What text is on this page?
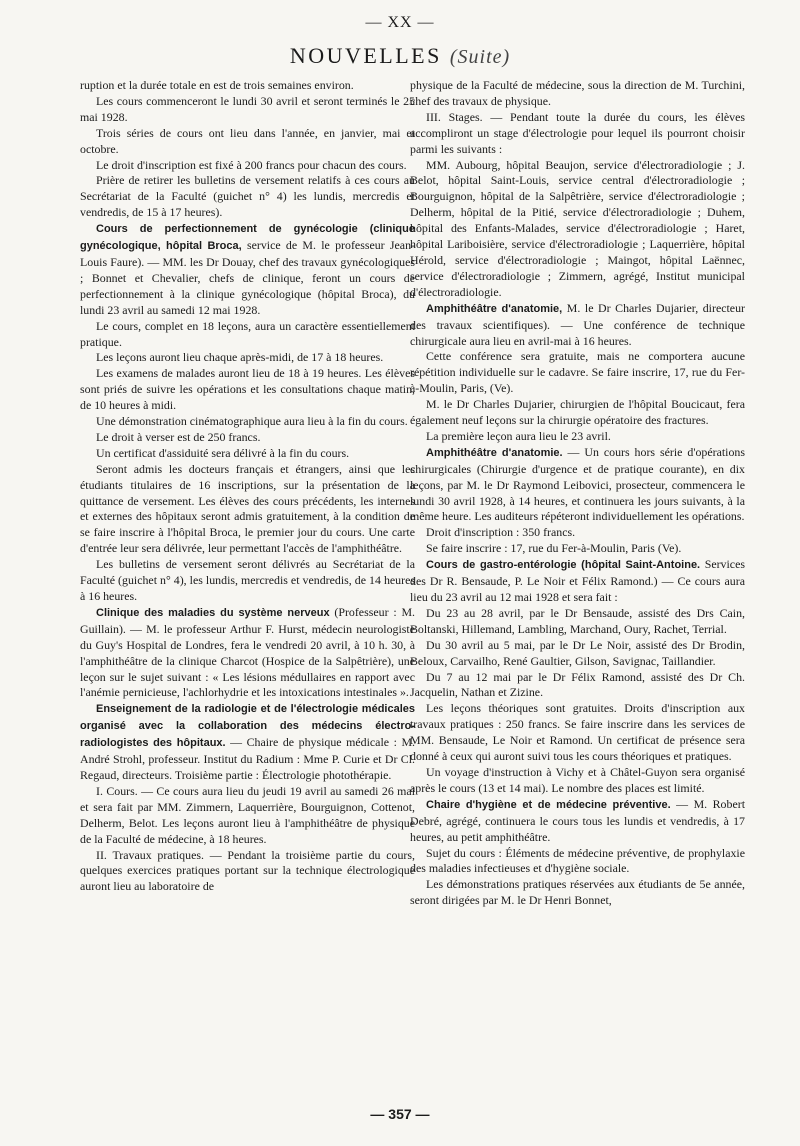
— XX —
NOUVELLES (Suite)

ruption et la durée totale en est de trois semaines environ.

Les cours commenceront le lundi 30 avril et seront terminés le 25 mai 1928.

Trois séries de cours ont lieu dans l'année, en janvier, mai et octobre.

Le droit d'inscription est fixé à 200 francs pour chacun des cours.

Prière de retirer les bulletins de versement relatifs à ces cours au Secrétariat de la Faculté (guichet n° 4) les lundis, mercredis et vendredis, de 15 à 17 heures).

Cours de perfectionnement de gynécologie (clinique gynécologique, hôpital Broca, service de M. le professeur Jean-Louis Faure). — MM. les Dr Douay, chef des travaux gynécologiques ; Bonnet et Chevalier, chefs de clinique, feront un cours de perfectionnement à la clinique gynécologique (hôpital Broca), du lundi 23 avril au samedi 12 mai 1928.

Le cours, complet en 18 leçons, aura un caractère essentiellement pratique.

Les leçons auront lieu chaque après-midi, de 17 à 18 heures.

Les examens de malades auront lieu de 18 à 19 heures. Les élèves sont priés de suivre les opérations et les consultations chaque matin, de 10 heures à midi.

Une démonstration cinématographique aura lieu à la fin du cours.

Le droit à verser est de 250 francs.

Un certificat d'assiduité sera délivré à la fin du cours.

Seront admis les docteurs français et étrangers, ainsi que les étudiants titulaires de 16 inscriptions, sur la présentation de la quittance de versement. Les élèves des cours précédents, les internes et externes des hôpitaux seront admis gratuitement, à la condition de se faire inscrire à l'hôpital Broca, le premier jour du cours. Une carte d'entrée leur sera délivrée, leur permettant l'accès de l'amphithéâtre.

Les bulletins de versement seront délivrés au Secrétariat de la Faculté (guichet n° 4), les lundis, mercredis et vendredis, de 14 heures à 16 heures.

Clinique des maladies du système nerveux (Professeur : M. Guillain). — M. le professeur Arthur F. Hurst, médecin neurologiste du Guy's Hospital de Londres, fera le vendredi 20 avril, à 10 h. 30, à l'amphithéâtre de la clinique Charcot (Hospice de la Salpêtrière), une leçon sur le sujet suivant : « Les lésions médullaires en rapport avec l'anémie pernicieuse, l'achlorhydrie et les intoxications intestinales ».

Enseignement de la radiologie et de l'électrologie médicales organisé avec la collaboration des médecins électro-radiologistes des hôpitaux. — Chaire de physique médicale : M. André Strohl, professeur. Institut du Radium : Mme P. Curie et Dr Cl. Regaud, directeurs. Troisième partie : Électrologie photothérapie.

I. Cours. — Ce cours aura lieu du jeudi 19 avril au samedi 26 mai et sera fait par MM. Zimmern, Laquerrière, Bourguignon, Cottenot, Delherm, Belot. Les leçons auront lieu à l'amphithéâtre de physique de la Faculté de médecine, à 18 heures.

II. Travaux pratiques. — Pendant la troisième partie du cours, quelques exercices pratiques portant sur la technique électrologique auront lieu au laboratoire de

physique de la Faculté de médecine, sous la direction de M. Turchini, chef des travaux de physique.

III. Stages. — Pendant toute la durée du cours, les élèves accompliront un stage d'électrologie pour lequel ils pourront choisir parmi les suivants :

MM. Aubourg, hôpital Beaujon, service d'électroradiologie ; J. Belot, hôpital Saint-Louis, service central d'électroradiologie ; Bourguignon, hôpital de la Salpêtrière, service d'électroradiologie ; Delherm, hôpital de la Pitié, service d'électroradiologie ; Duhem, hôpital des Enfants-Malades, service d'électroradiologie ; Haret, hôpital Lariboisière, service d'électroradiologie ; Laquerrière, hôpital Hérold, service d'électroradiologie ; Maingot, hôpital Laënnec, service d'électroradiologie ; Zimmern, agrégé, Institut municipal d'électroradiologie.

Amphithéâtre d'anatomie, M. le Dr Charles Dujarier, directeur des travaux scientifiques). — Une conférence de technique chirurgicale aura lieu en avril-mai à 16 heures.

Cette conférence sera gratuite, mais ne comportera aucune répétition individuelle sur le cadavre. Se faire inscrire, 17, rue du Fer-à-Moulin, Paris, (Ve).

M. le Dr Charles Dujarier, chirurgien de l'hôpital Boucicaut, fera également neuf leçons sur la chirurgie opératoire des fractures.

La première leçon aura lieu le 23 avril.

Amphithéâtre d'anatomie. — Un cours hors série d'opérations chirurgicales (Chirurgie d'urgence et de pratique courante), en dix leçons, par M. le Dr Raymond Leibovici, prosecteur, commencera le lundi 30 avril 1928, à 14 heures, et continuera les jours suivants, à la même heure. Les auditeurs répéteront individuellement les opérations.

Droit d'inscription : 350 francs.

Se faire inscrire : 17, rue du Fer-à-Moulin, Paris (Ve).

Cours de gastro-entérologie (hôpital Saint-Antoine. Services des Dr R. Bensaude, P. Le Noir et Félix Ramond.) — Ce cours aura lieu du 23 avril au 12 mai 1928 et sera fait :

Du 23 au 28 avril, par le Dr Bensaude, assisté des Drs Cain, Boltanski, Hillemand, Lambling, Marchand, Oury, Rachet, Terrial.

Du 30 avril au 5 mai, par le Dr Le Noir, assisté des Dr Brodin, Beloux, Carvailho, René Gaultier, Gilson, Savignac, Taillandier.

Du 7 au 12 mai par le Dr Félix Ramond, assisté des Dr Ch. Jacquelin, Nathan et Zizine.

Les leçons théoriques sont gratuites. Droits d'inscription aux travaux pratiques : 250 francs. Se faire inscrire dans les services de MM. Bensaude, Le Noir et Ramond. Un certificat de présence sera donné à ceux qui auront suivi tous les cours théoriques et pratiques.

Un voyage d'instruction à Vichy et à Châtel-Guyon sera organisé après le cours (13 et 14 mai). Le nombre des places est limité.

Chaire d'hygiène et de médecine préventive. — M. Robert Debré, agrégé, continuera le cours tous les lundis et vendredis, à 17 heures, au petit amphithéâtre.

Sujet du cours : Éléments de médecine préventive, de prophylaxie des maladies infectieuses et d'hygiène sociale.

Les démonstrations pratiques réservées aux étudiants de 5e année, seront dirigées par M. le Dr Henri Bonnet,

— 357 —
